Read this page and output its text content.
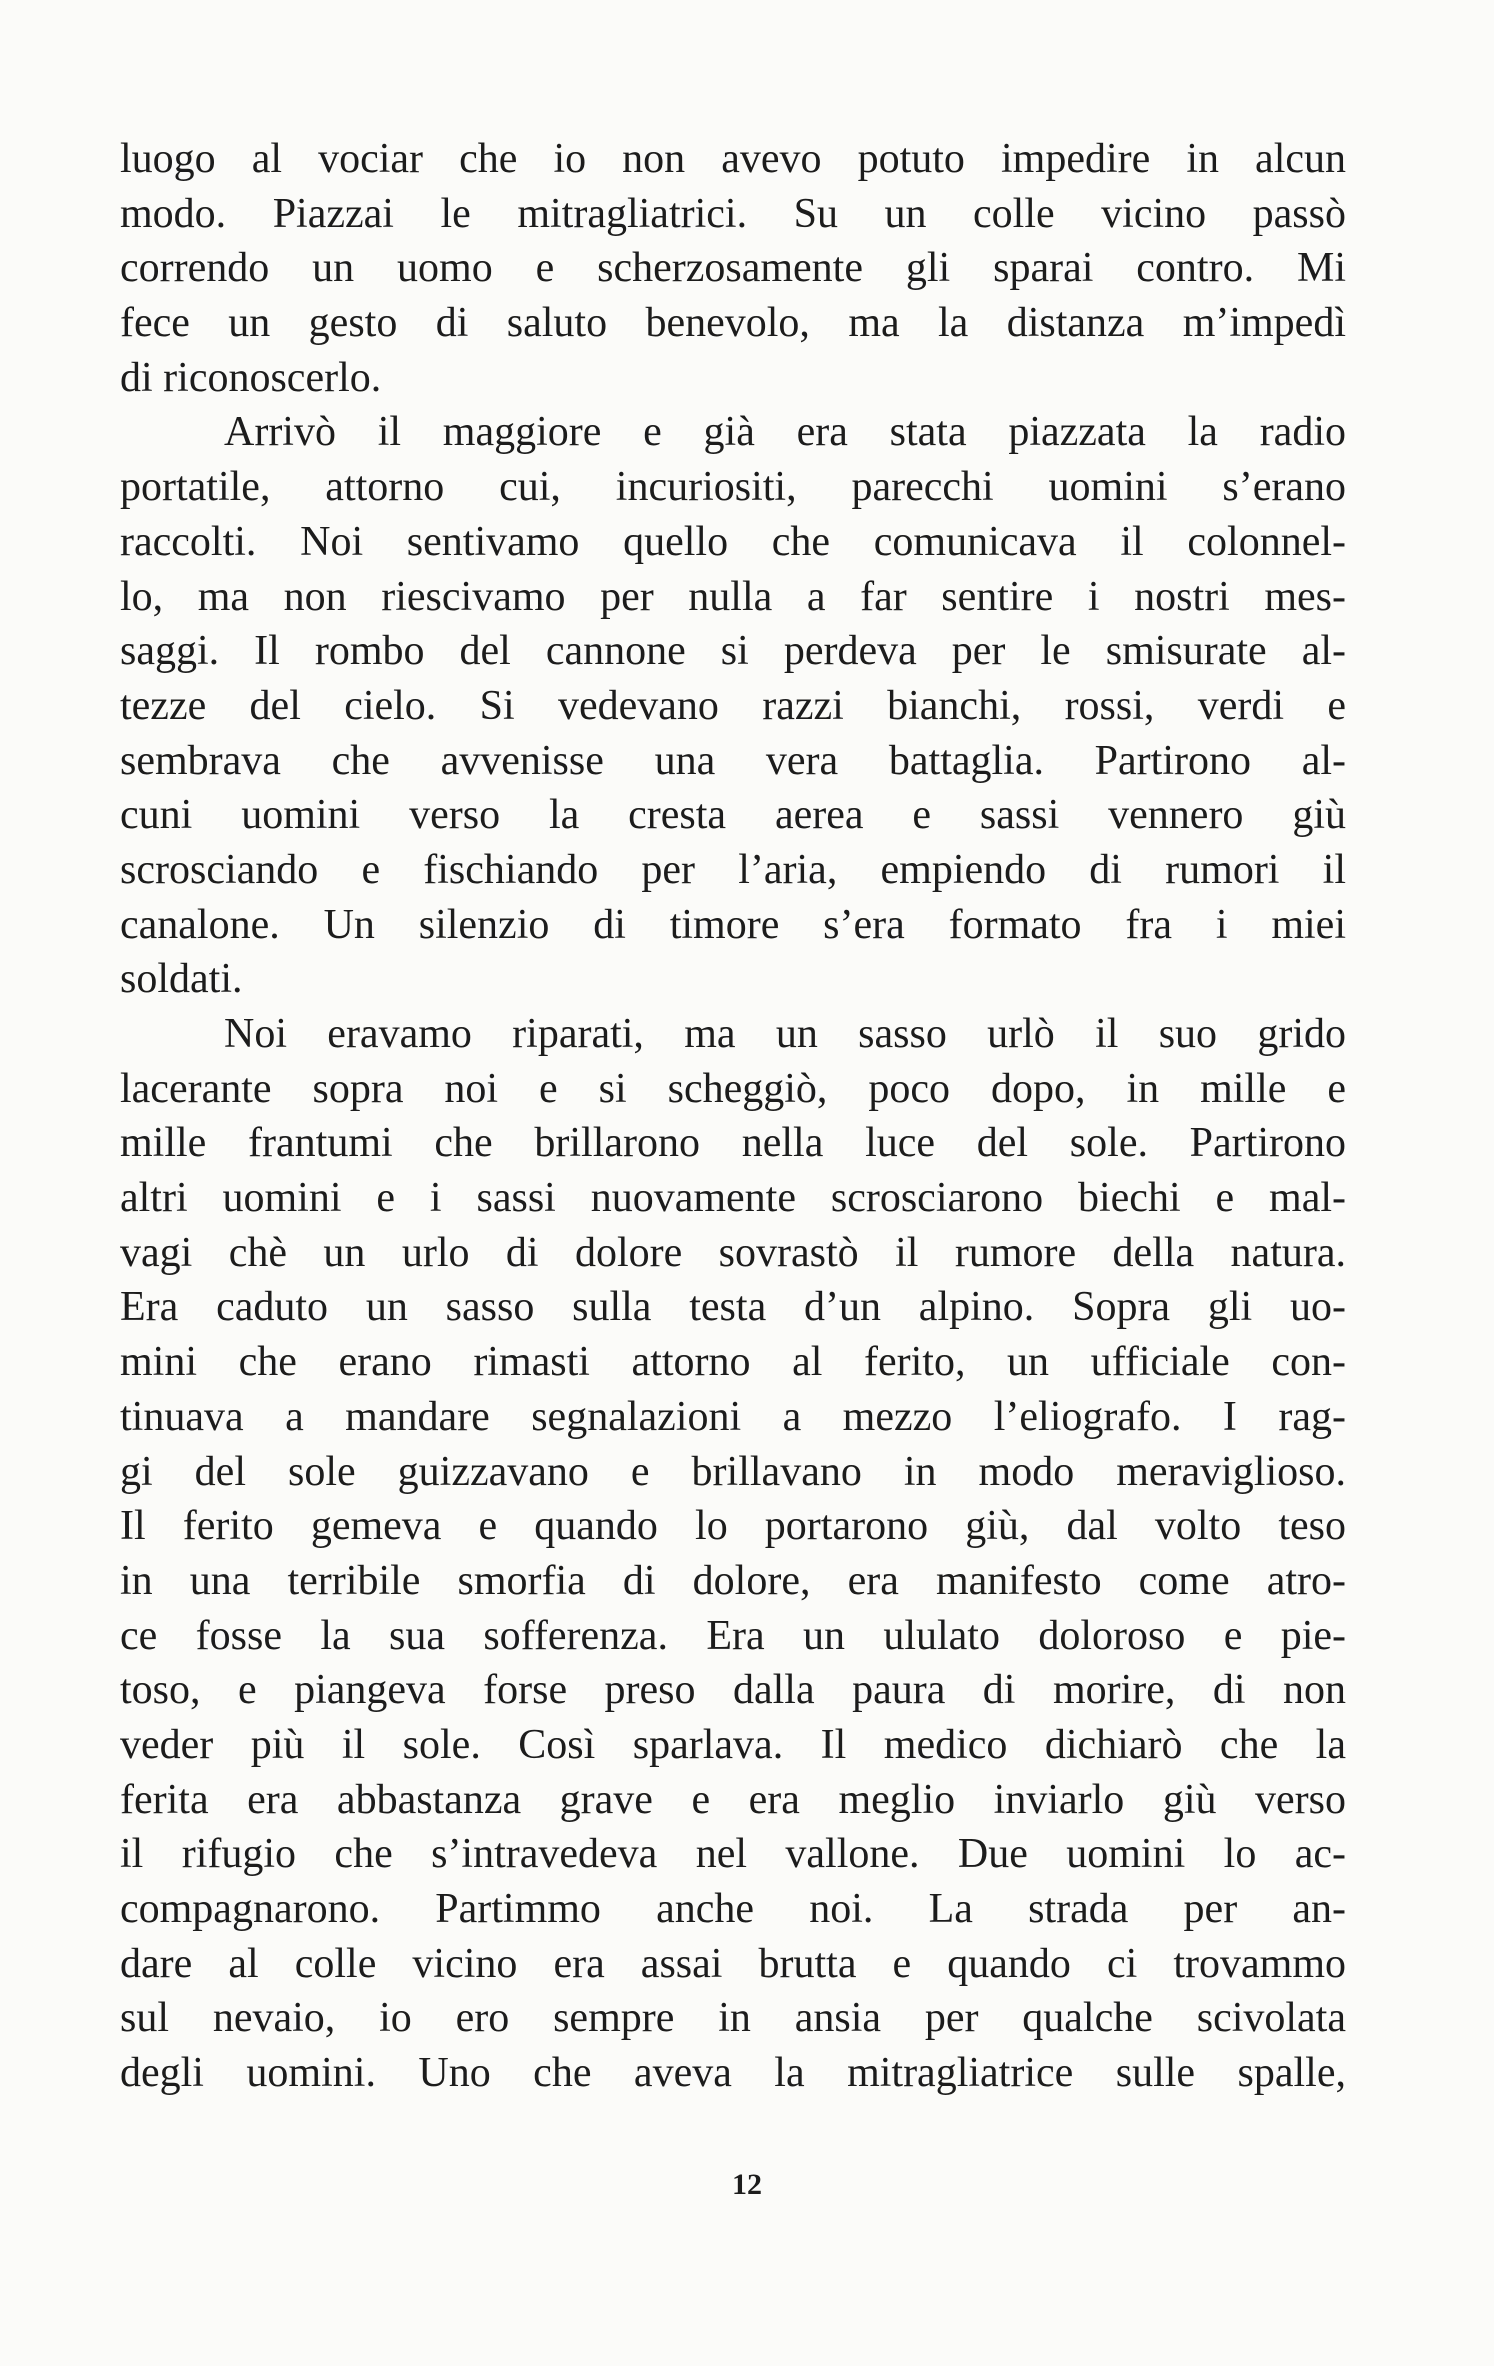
luogo al vociar che io non avevo potuto impedire in alcun
modo. Piazzai le mitragliatrici. Su un colle vicino passò
correndo un uomo e scherzosamente gli sparai contro. Mi
fece un gesto di saluto benevolo, ma la distanza m’impedì
di riconoscerlo.
Arrivò il maggiore e già era stata piazzata la radio
portatile, attorno cui, incuriositi, parecchi uomini s’erano
raccolti. Noi sentivamo quello che comunicava il colonnel-
lo, ma non riescivamo per nulla a far sentire i nostri mes-
saggi. Il rombo del cannone si perdeva per le smisurate al-
tezze del cielo. Si vedevano razzi bianchi, rossi, verdi e
sembrava che avvenisse una vera battaglia. Partirono al-
cuni uomini verso la cresta aerea e sassi vennero giù
scrosciando e fischiando per l’aria, empiendo di rumori il
canalone. Un silenzio di timore s’era formato fra i miei
soldati.
Noi eravamo riparati, ma un sasso urlò il suo grido
lacerante sopra noi e si scheggiò, poco dopo, in mille e
mille frantumi che brillarono nella luce del sole. Partirono
altri uomini e i sassi nuovamente scrosciarono biechi e mal-
vagi chè un urlo di dolore sovrastò il rumore della natura.
Era caduto un sasso sulla testa d’un alpino. Sopra gli uo-
mini che erano rimasti attorno al ferito, un ufficiale con-
tinuava a mandare segnalazioni a mezzo l’eliografo. I rag-
gi del sole guizzavano e brillavano in modo meraviglioso.
Il ferito gemeva e quando lo portarono giù, dal volto teso
in una terribile smorfia di dolore, era manifesto come atro-
ce fosse la sua sofferenza. Era un ululato doloroso e pie-
toso, e piangeva forse preso dalla paura di morire, di non
veder più il sole. Così sparlava. Il medico dichiarò che la
ferita era abbastanza grave e era meglio inviarlo giù verso
il rifugio che s’intravedeva nel vallone. Due uomini lo ac-
compagnarono. Partimmo anche noi. La strada per an-
dare al colle vicino era assai brutta e quando ci trovammo
sul nevaio, io ero sempre in ansia per qualche scivolata
degli uomini. Uno che aveva la mitragliatrice sulle spalle,
12
